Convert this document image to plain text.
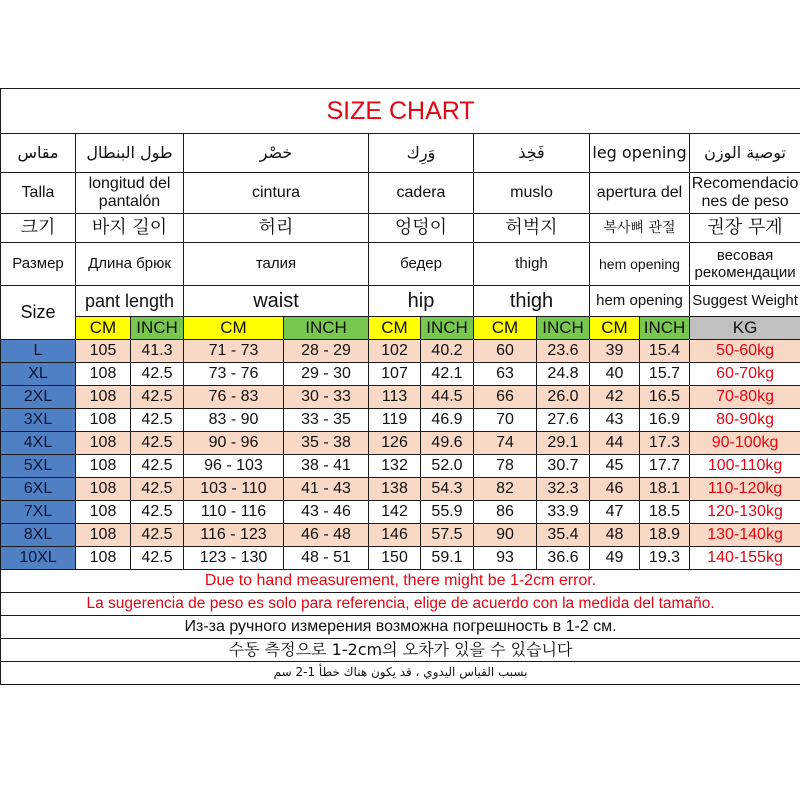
SIZE CHART											
مقاس	طول البنطال		خصْر		وَرِك		فَخِذ		leg opening		توصية الوزن
Talla	longitud del pantalón		cintura		cadera		muslo		apertura del		Recomendaciones de peso
크기	바지 길이		허리		엉덩이		허벅지		복사뼈 관절		권장 무게
Размер	Длина брюк		талия		бедер		thigh		hem opening		весовая рекомендации
Size	pant length		waist		hip		thigh		hem opening		Suggest Weight
	CM	INCH	CM	INCH	CM	INCH	CM	INCH	CM	INCH	KG
L	105	41.3	71 - 73	28 - 29	102	40.2	60	23.6	39	15.4	50-60kg
XL	108	42.5	73 - 76	29 - 30	107	42.1	63	24.8	40	15.7	60-70kg
2XL	108	42.5	76 - 83	30 - 33	113	44.5	66	26.0	42	16.5	70-80kg
3XL	108	42.5	83 - 90	33 - 35	119	46.9	70	27.6	43	16.9	80-90kg
4XL	108	42.5	90 - 96	35 - 38	126	49.6	74	29.1	44	17.3	90-100kg
5XL	108	42.5	96 - 103	38 - 41	132	52.0	78	30.7	45	17.7	100-110kg
6XL	108	42.5	103 - 110	41 - 43	138	54.3	82	32.3	46	18.1	110-120kg
7XL	108	42.5	110 - 116	43 - 46	142	55.9	86	33.9	47	18.5	120-130kg
8XL	108	42.5	116 - 123	46 - 48	146	57.5	90	35.4	48	18.9	130-140kg
10XL	108	42.5	123 - 130	48 - 51	150	59.1	93	36.6	49	19.3	140-155kg
Due to hand measurement, there might be 1-2cm error.											
La sugerencia de peso es solo para referencia, elige de acuerdo con la medida del tamaño.											
Из-за ручного измерения возможна погрешность в 1-2 см.											
수동 측정으로 1-2cm의 오차가 있을 수 있습니다											
بسبب القياس اليدوي ، قد يكون هناك خطأ 1-2 سم											
